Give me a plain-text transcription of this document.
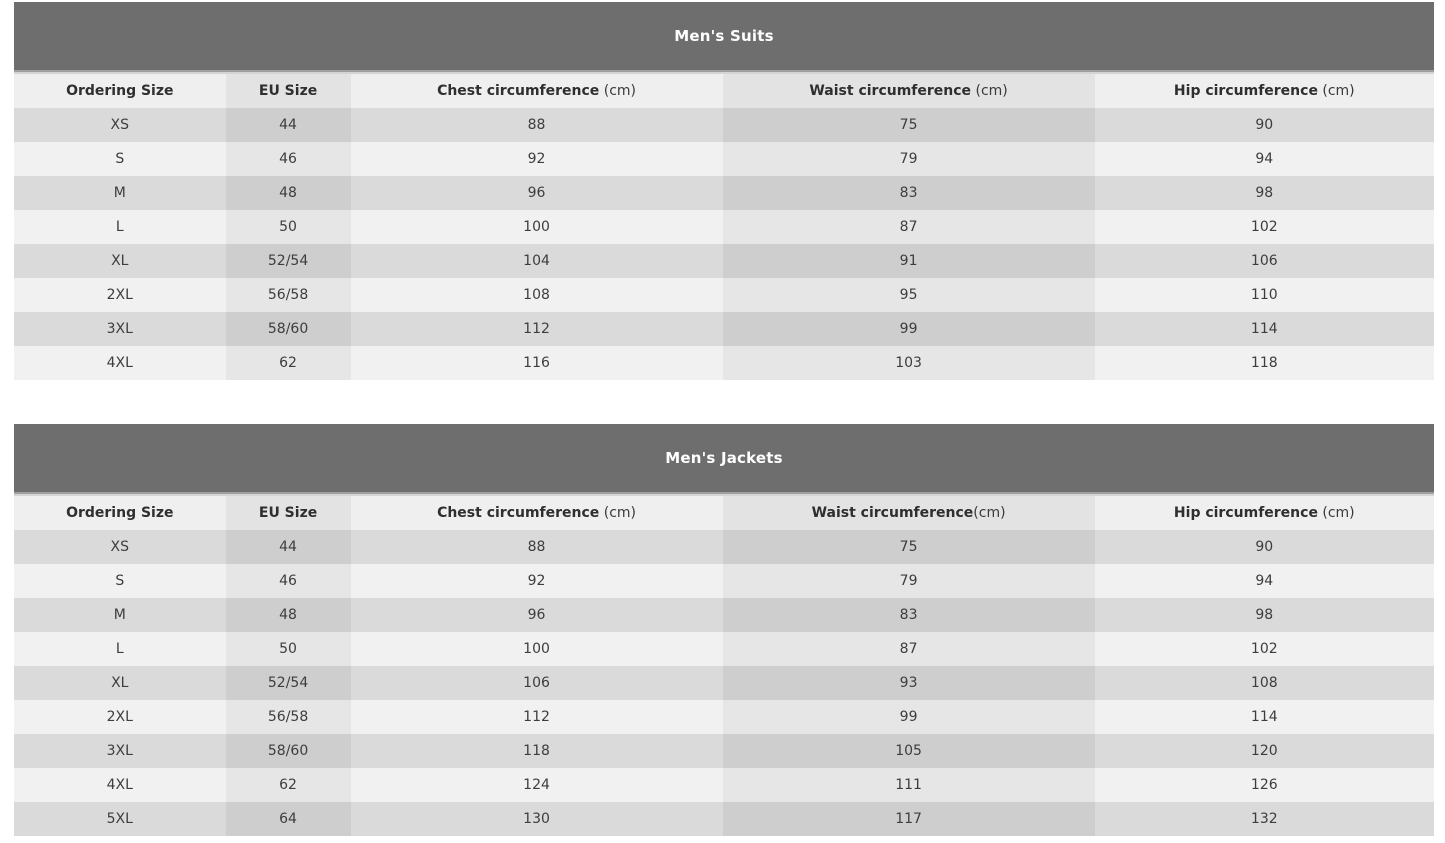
Men's Suits
Ordering Size	EU Size	Chest circumference (cm)	Waist circumference (cm)	Hip circumference (cm)
XS	44	88	75	90
S	46	92	79	94
M	48	96	83	98
L	50	100	87	102
XL	52/54	104	91	106
2XL	56/58	108	95	110
3XL	58/60	112	99	114
4XL	62	116	103	118
Men's Jackets
Ordering Size	EU Size	Chest circumference (cm)	Waist circumference(cm)	Hip circumference (cm)
XS	44	88	75	90
S	46	92	79	94
M	48	96	83	98
L	50	100	87	102
XL	52/54	106	93	108
2XL	56/58	112	99	114
3XL	58/60	118	105	120
4XL	62	124	111	126
5XL	64	130	117	132
